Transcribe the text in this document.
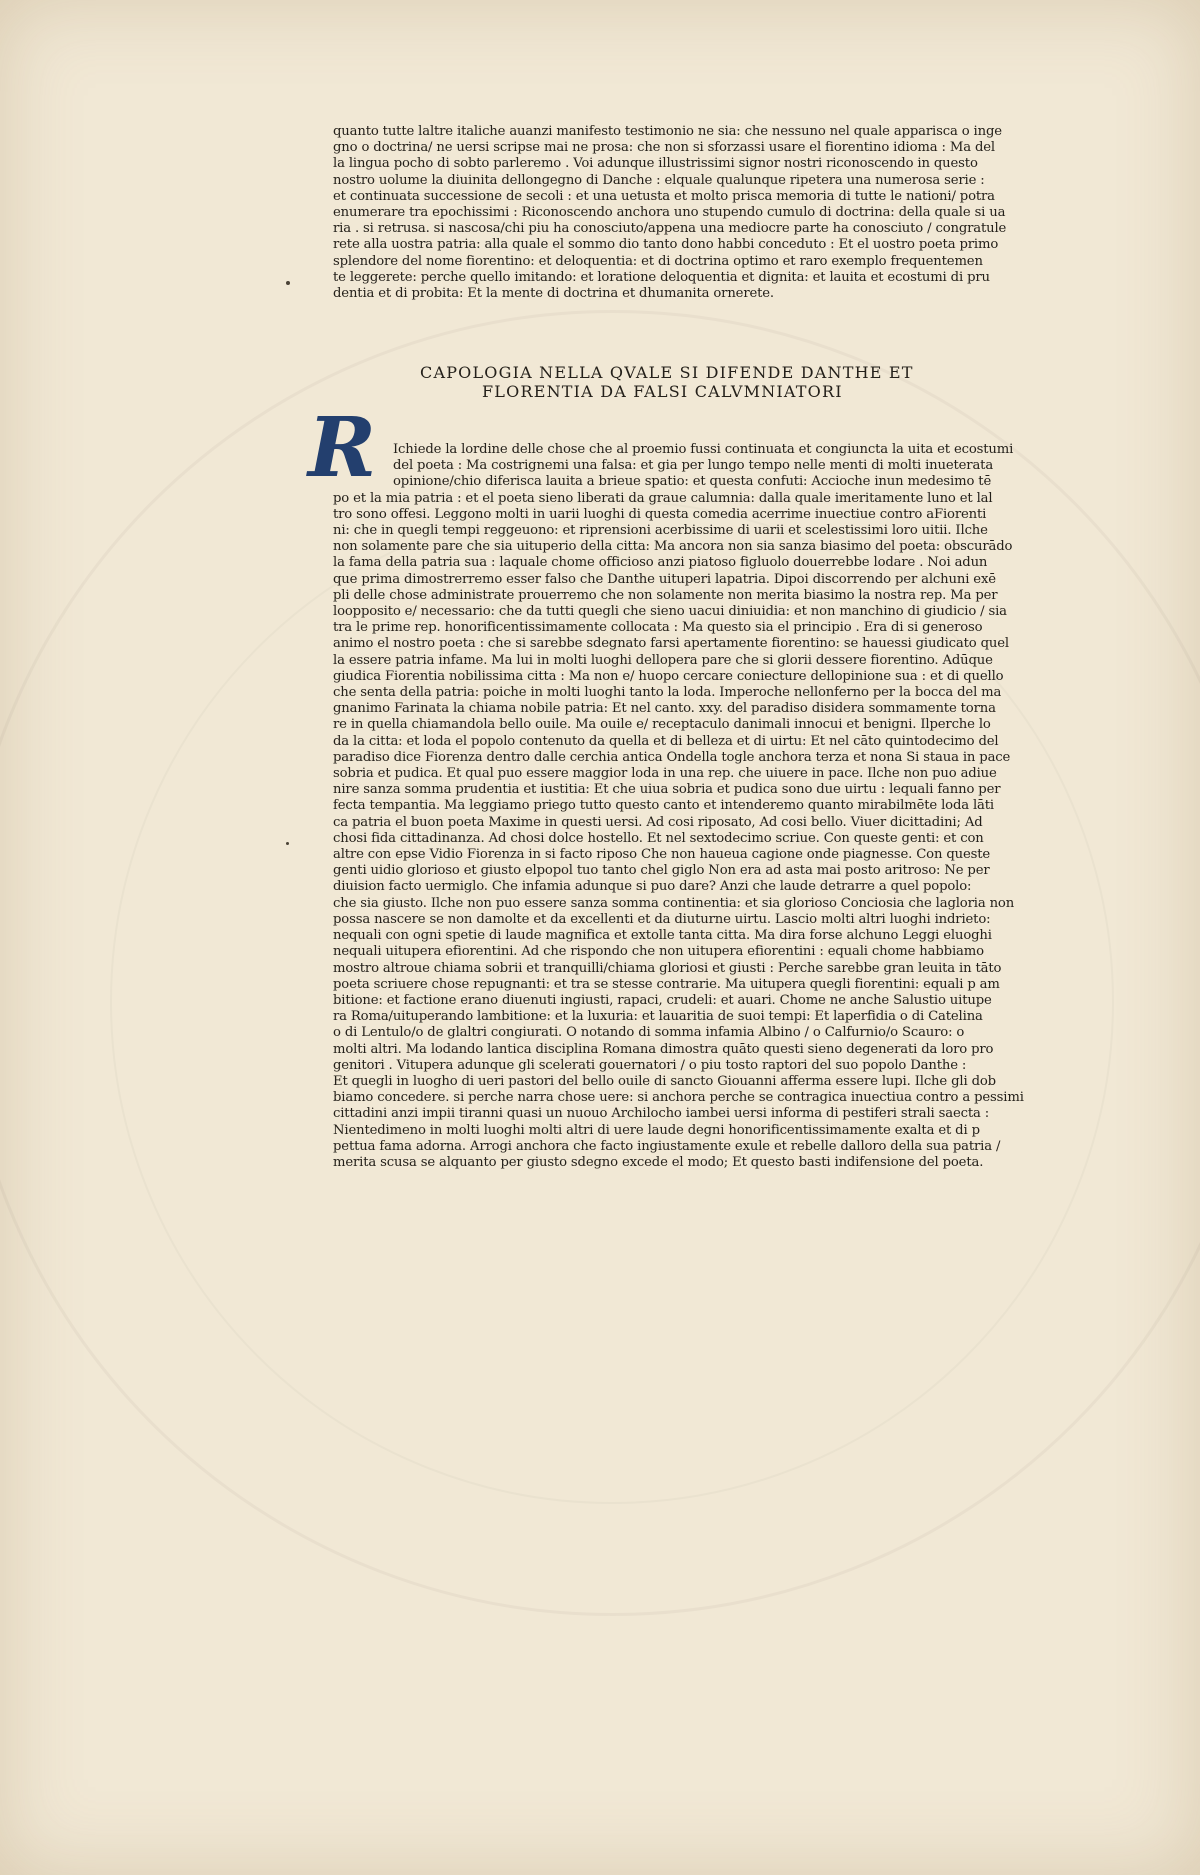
quanto tutte laltre italiche auanzi manifesto testimonio ne sia: che nessuno nel quale apparisca o inge
gno o doctrina/ ne uersi scripse mai ne prosa: che non si sforzassi usare el fiorentino idioma : Ma del
la lingua pocho di sobto parleremo . Voi adunque illustrissimi signor nostri riconoscendo in questo
nostro uolume la diuinita dellongegno di Danche : elquale qualunque ripetera una numerosa serie :
et continuata successione de secoli : et una uetusta et molto prisca memoria di tutte le nationi/ potra
enumerare tra epochissimi : Riconoscendo anchora uno stupendo cumulo di doctrina: della quale si ua
ria . si retrusa. si nascosa/chi piu ha conosciuto/appena una mediocre parte ha conosciuto / congratule
rete alla uostra patria: alla quale el sommo dio tanto dono habbi conceduto : Et el uostro poeta primo
splendore del nome fiorentino: et deloquentia: et di doctrina optimo et raro exemplo frequentemen
te leggerete: perche quello imitando: et loratione deloquentia et dignita: et lauita et ecostumi di pru
dentia et di probita: Et la mente di doctrina et dhumanita ornerete.
CAPOLOGIA NELLA QVALE SI DIFENDE DANTHE ET
FLORENTIA DA FALSI CALVMNIATORI
R	Ichiede la lordine delle chose che al proemio fussi continuata et congiuncta la uita et ecostumi
del poeta : Ma costrignemi una falsa: et gia per lungo tempo nelle menti di molti inueterata
opinione/chio diferisca lauita a brieue spatio: et questa confuti: Accioche inun medesimo tē
po et la mia patria : et el poeta sieno liberati da graue calumnia: dalla quale imeritamente luno et lal
tro sono offesi. Leggono molti in uarii luoghi di questa comedia acerrime inuectiue contro aFiorenti
ni: che in quegli tempi reggeuono: et riprensioni acerbissime di uarii et scelestissimi loro uitii. Ilche
non solamente pare che sia uituperio della citta: Ma ancora non sia sanza biasimo del poeta: obscurādo
la fama della patria sua : laquale chome officioso anzi piatoso figluolo douerrebbe lodare . Noi adun
que prima dimostrerremo esser falso che Danthe uituperi lapatria. Dipoi discorrendo per alchuni exē
pli delle chose administrate prouerremo che non solamente non merita biasimo la nostra rep. Ma per
loopposito e/ necessario: che da tutti quegli che sieno uacui diniuidia: et non manchino di giudicio / sia
tra le prime rep. honorificentissimamente collocata : Ma questo sia el principio . Era di si generoso
animo el nostro poeta : che si sarebbe sdegnato farsi apertamente fiorentino: se hauessi giudicato quel
la essere patria infame. Ma lui in molti luoghi dellopera pare che si glorii dessere fiorentino. Adūque
giudica Fiorentia nobilissima citta : Ma non e/ huopo cercare coniecture dellopinione sua : et di quello
che senta della patria: poiche in molti luoghi tanto la loda. Imperoche nellonferno per la bocca del ma
gnanimo Farinata la chiama nobile patria: Et nel canto. xxy. del paradiso disidera sommamente torna
re in quella chiamandola bello ouile. Ma ouile e/ receptaculo danimali innocui et benigni. Ilperche lo
da la citta: et loda el popolo contenuto da quella et di belleza et di uirtu: Et nel cāto quintodecimo del
paradiso dice Fiorenza dentro dalle cerchia antica Ondella togle anchora terza et nona Si staua in pace
sobria et pudica. Et qual puo essere maggior loda in una rep. che uiuere in pace. Ilche non puo adiue
nire sanza somma prudentia et iustitia: Et che uiua sobria et pudica sono due uirtu : lequali fanno per
fecta tempantia. Ma leggiamo priego tutto questo canto et intenderemo quanto mirabilmēte loda lāti
ca patria el buon poeta Maxime in questi uersi. Ad cosi riposato, Ad cosi bello. Viuer dicittadini; Ad
chosi fida cittadinanza. Ad chosi dolce hostello. Et nel sextodecimo scriue. Con queste genti: et con
altre con epse Vidio Fiorenza in si facto riposo Che non haueua cagione onde piagnesse. Con queste
genti uidio glorioso et giusto elpopol tuo tanto chel giglo Non era ad asta mai posto aritroso: Ne per
diuision facto uermiglo. Che infamia adunque si puo dare? Anzi che laude detrarre a quel popolo:
che sia giusto. Ilche non puo essere sanza somma continentia: et sia glorioso Conciosia che lagloria non
possa nascere se non damolte et da excellenti et da diuturne uirtu. Lascio molti altri luoghi indrieto:
nequali con ogni spetie di laude magnifica et extolle tanta citta. Ma dira forse alchuno Leggi eluoghi
nequali uitupera efiorentini. Ad che rispondo che non uitupera efiorentini : equali chome habbiamo
mostro altroue chiama sobrii et tranquilli/chiama gloriosi et giusti : Perche sarebbe gran leuita in tāto
poeta scriuere chose repugnanti: et tra se stesse contrarie. Ma uitupera quegli fiorentini: equali p am
bitione: et factione erano diuenuti ingiusti, rapaci, crudeli: et auari. Chome ne anche Salustio uitupe
ra Roma/uituperando lambitione: et la luxuria: et lauaritia de suoi tempi: Et laperfidia o di Catelina
o di Lentulo/o de glaltri congiurati. O notando di somma infamia Albino / o Calfurnio/o Scauro: o
molti altri. Ma lodando lantica disciplina Romana dimostra quāto questi sieno degenerati da loro pro
genitori . Vitupera adunque gli scelerati gouernatori / o piu tosto raptori del suo popolo Danthe :
Et quegli in luogho di ueri pastori del bello ouile di sancto Giouanni afferma essere lupi. Ilche gli dob
biamo concedere. si perche narra chose uere: si anchora perche se contragica inuectiua contro a pessimi
cittadini anzi impii tiranni quasi un nuouo Archilocho iambei uersi informa di pestiferi strali saecta :
Nientedimeno in molti luoghi molti altri di uere laude degni honorificentissimamente exalta et di p
pettua fama adorna. Arrogi anchora che facto ingiustamente exule et rebelle dalloro della sua patria /
merita scusa se alquanto per giusto sdegno excede el modo; Et questo basti indifensione del poeta.
